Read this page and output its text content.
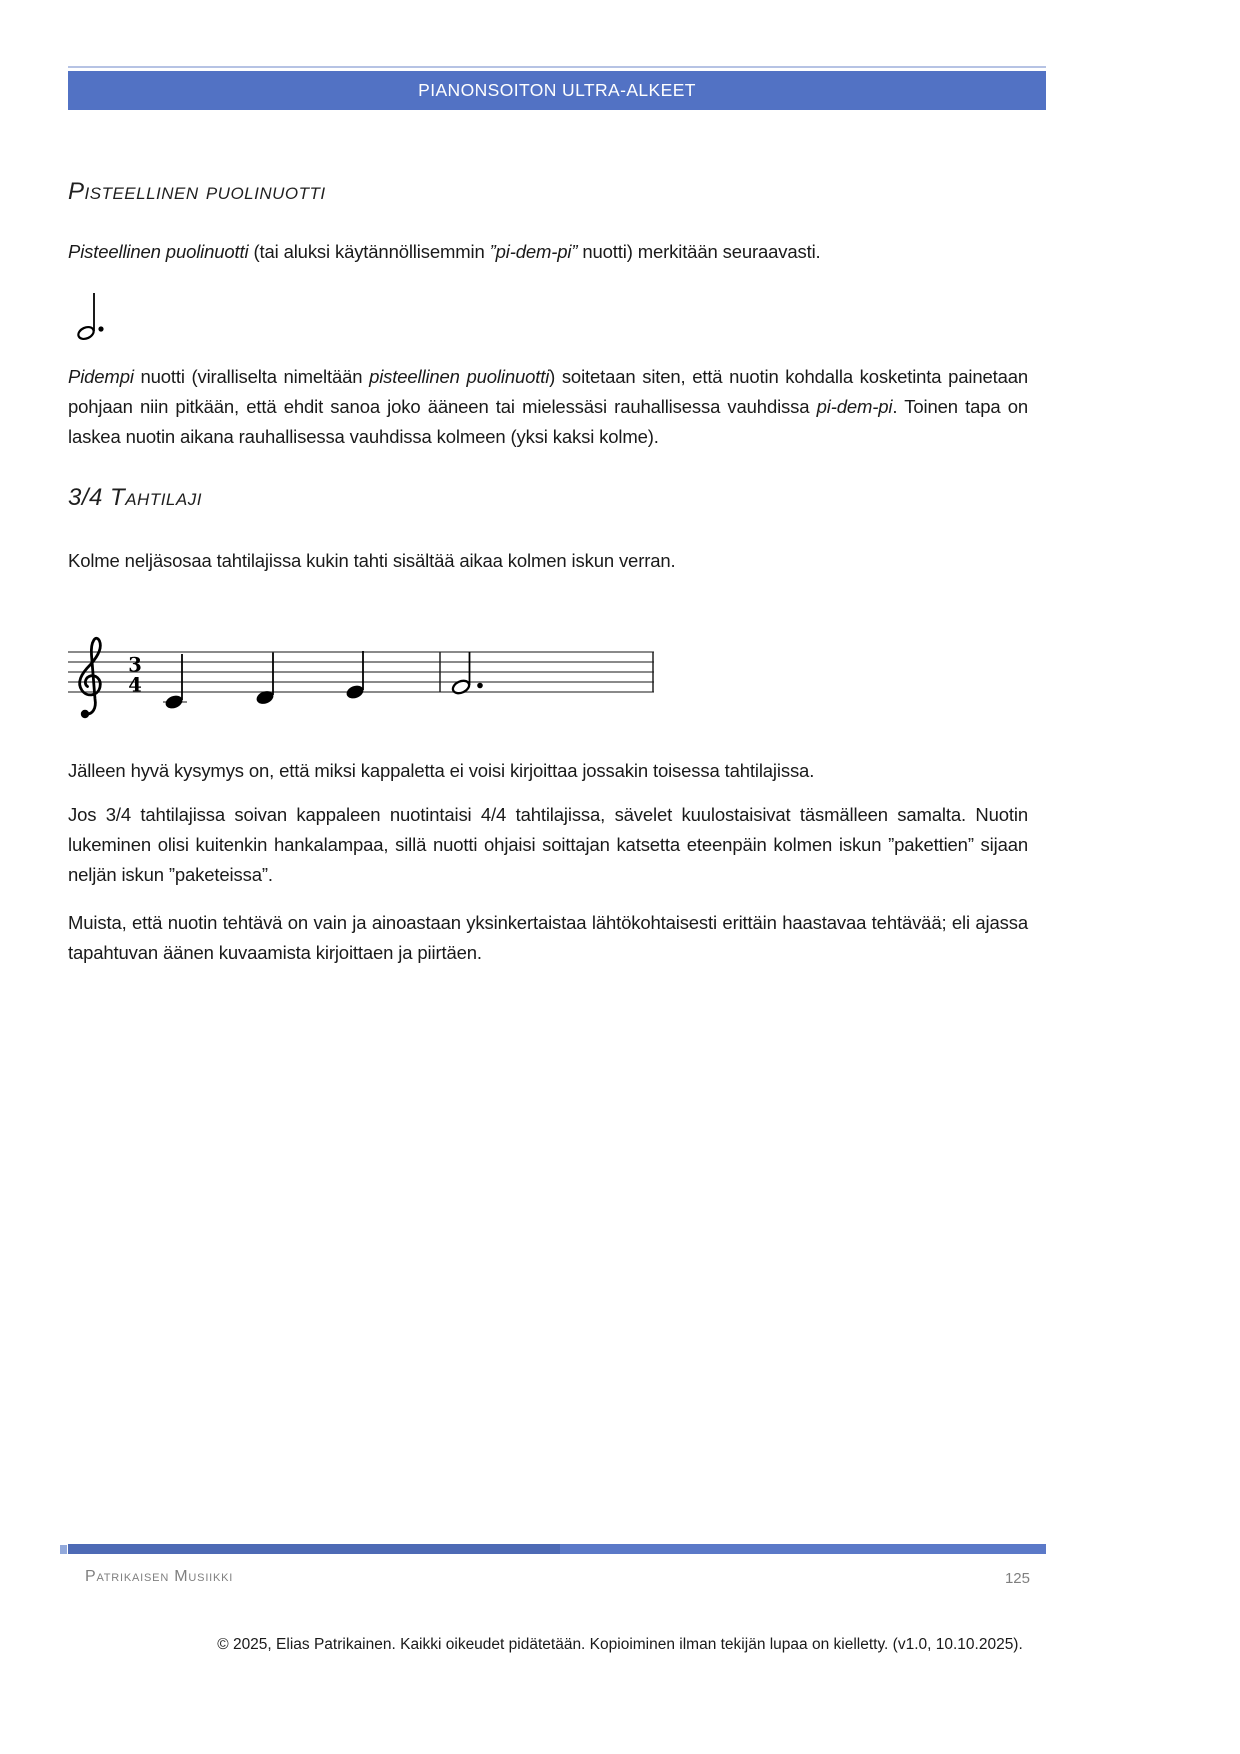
PIANONSOITON ULTRA-ALKEET
Pisteellinen puolinuotti
Pisteellinen puolinuotti (tai aluksi käytännöllisemmin ”pi-dem-pi” nuotti) merkitään seuraavasti.
Pidempi nuotti (viralliselta nimeltään pisteellinen puolinuotti) soitetaan siten, että nuotin kohdalla kosketinta painetaan pohjaan niin pitkään, että ehdit sanoa joko ääneen tai mielessäsi rauhallisessa vauhdissa pi-dem-pi. Toinen tapa on laskea nuotin aikana rauhallisessa vauhdissa kolmeen (yksi kaksi kolme).
3/4 Tahtilaji
Kolme neljäsosaa tahtilajissa kukin tahti sisältää aikaa kolmen iskun verran.
3
4
Jälleen hyvä kysymys on, että miksi kappaletta ei voisi kirjoittaa jossakin toisessa tahtilajissa.
Jos 3/4 tahtilajissa soivan kappaleen nuotintaisi 4/4 tahtilajissa, sävelet kuulostaisivat täsmälleen samalta. Nuotin lukeminen olisi kuitenkin hankalampaa, sillä nuotti ohjaisi soittajan katsetta eteenpäin kolmen iskun ”pakettien” sijaan neljän iskun ”paketeissa”.
Muista, että nuotin tehtävä on vain ja ainoastaan yksinkertaistaa lähtökohtaisesti erittäin haastavaa tehtävää; eli ajassa tapahtuvan äänen kuvaamista kirjoittaen ja piirtäen.
Patrikaisen Musiikki	125
© 2025, Elias Patrikainen. Kaikki oikeudet pidätetään. Kopioiminen ilman tekijän lupaa on kielletty. (v1.0, 10.10.2025).
